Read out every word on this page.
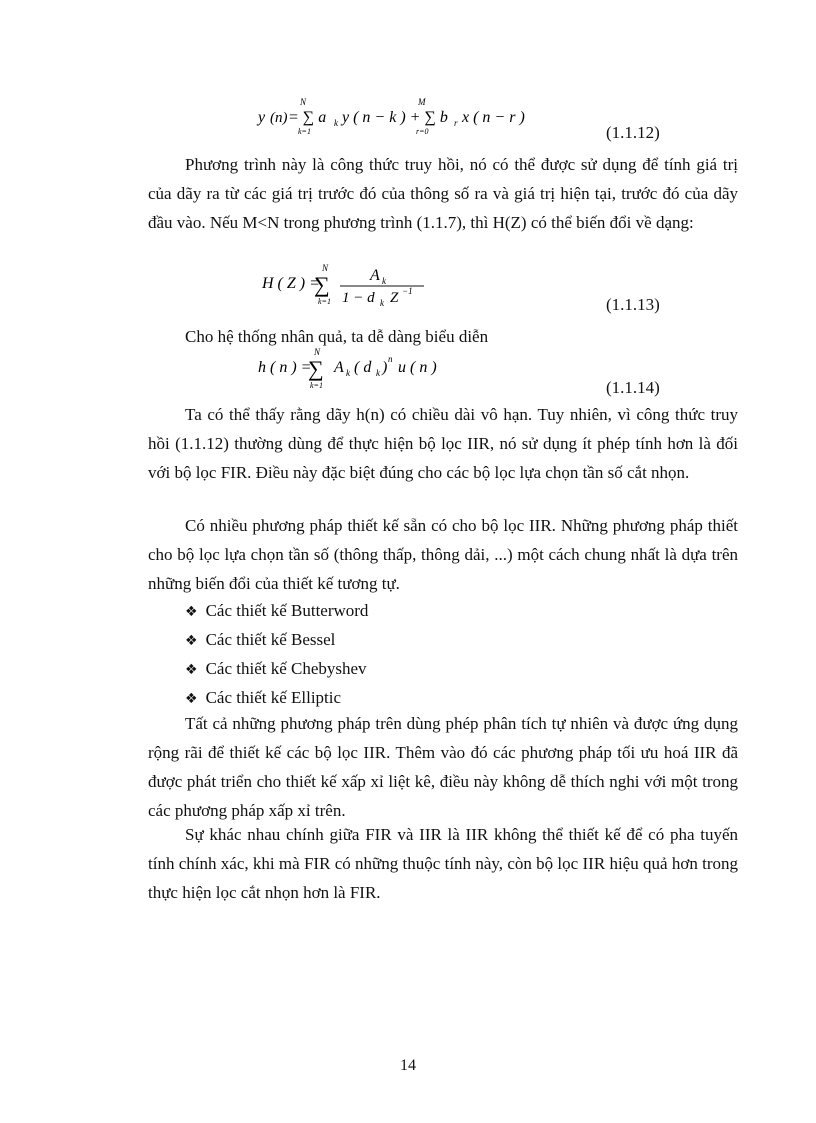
y (n)
N
k=1
= ∑ a k y ( n − k ) + ∑ b
M
r=0
r x ( n − r )
(1.1.12)

Phương trình này là công thức truy hồi, nó có thể được sử dụng để tính giá trị của dãy ra từ các giá trị trước đó của thông số ra và giá trị hiện tại, trước đó của dãy đầu vào. Nếu M<N trong phương trình (1.1.7), thì H(Z) có thể biến đổi về dạng:

H ( Z ) =
N
∑
k=1
A k
1 − d k Z −1
(1.1.13)

Cho hệ thống nhân quả, ta dễ dàng biểu diễn

h ( n ) =
N
∑
k=1
A k ( d k ) n u ( n )
(1.1.14)

Ta có thể thấy rằng dãy h(n) có chiều dài vô hạn. Tuy nhiên, vì công thức truy hồi (1.1.12) thường dùng để thực hiện bộ lọc IIR, nó sử dụng ít phép tính hơn là đối với bộ lọc FIR. Điều này đặc biệt đúng cho các bộ lọc lựa chọn tần số cắt nhọn.

Có nhiều phương pháp thiết kế sẵn có cho bộ lọc IIR. Những phương pháp thiết cho bộ lọc lựa chọn tần số (thông thấp, thông dải, ...) một cách chung nhất là dựa trên những biến đổi của thiết kế tương tự.

❖ Các thiết kế Butterword
❖ Các thiết kế Bessel
❖ Các thiết kế Chebyshev
❖ Các thiết kế Elliptic

Tất cả những phương pháp trên dùng phép phân tích tự nhiên và được ứng dụng rộng rãi để thiết kế các bộ lọc IIR. Thêm vào đó các phương pháp tối ưu hoá IIR đã được phát triển cho thiết kế xấp xỉ liệt kê, điều này không dễ thích nghi với một trong các phương pháp xấp xỉ trên.

Sự khác nhau chính giữa FIR và IIR là IIR không thể thiết kế để có pha tuyến tính chính xác, khi mà FIR có những thuộc tính này, còn bộ lọc IIR hiệu quả hơn trong thực hiện lọc cắt nhọn hơn là FIR.

14
